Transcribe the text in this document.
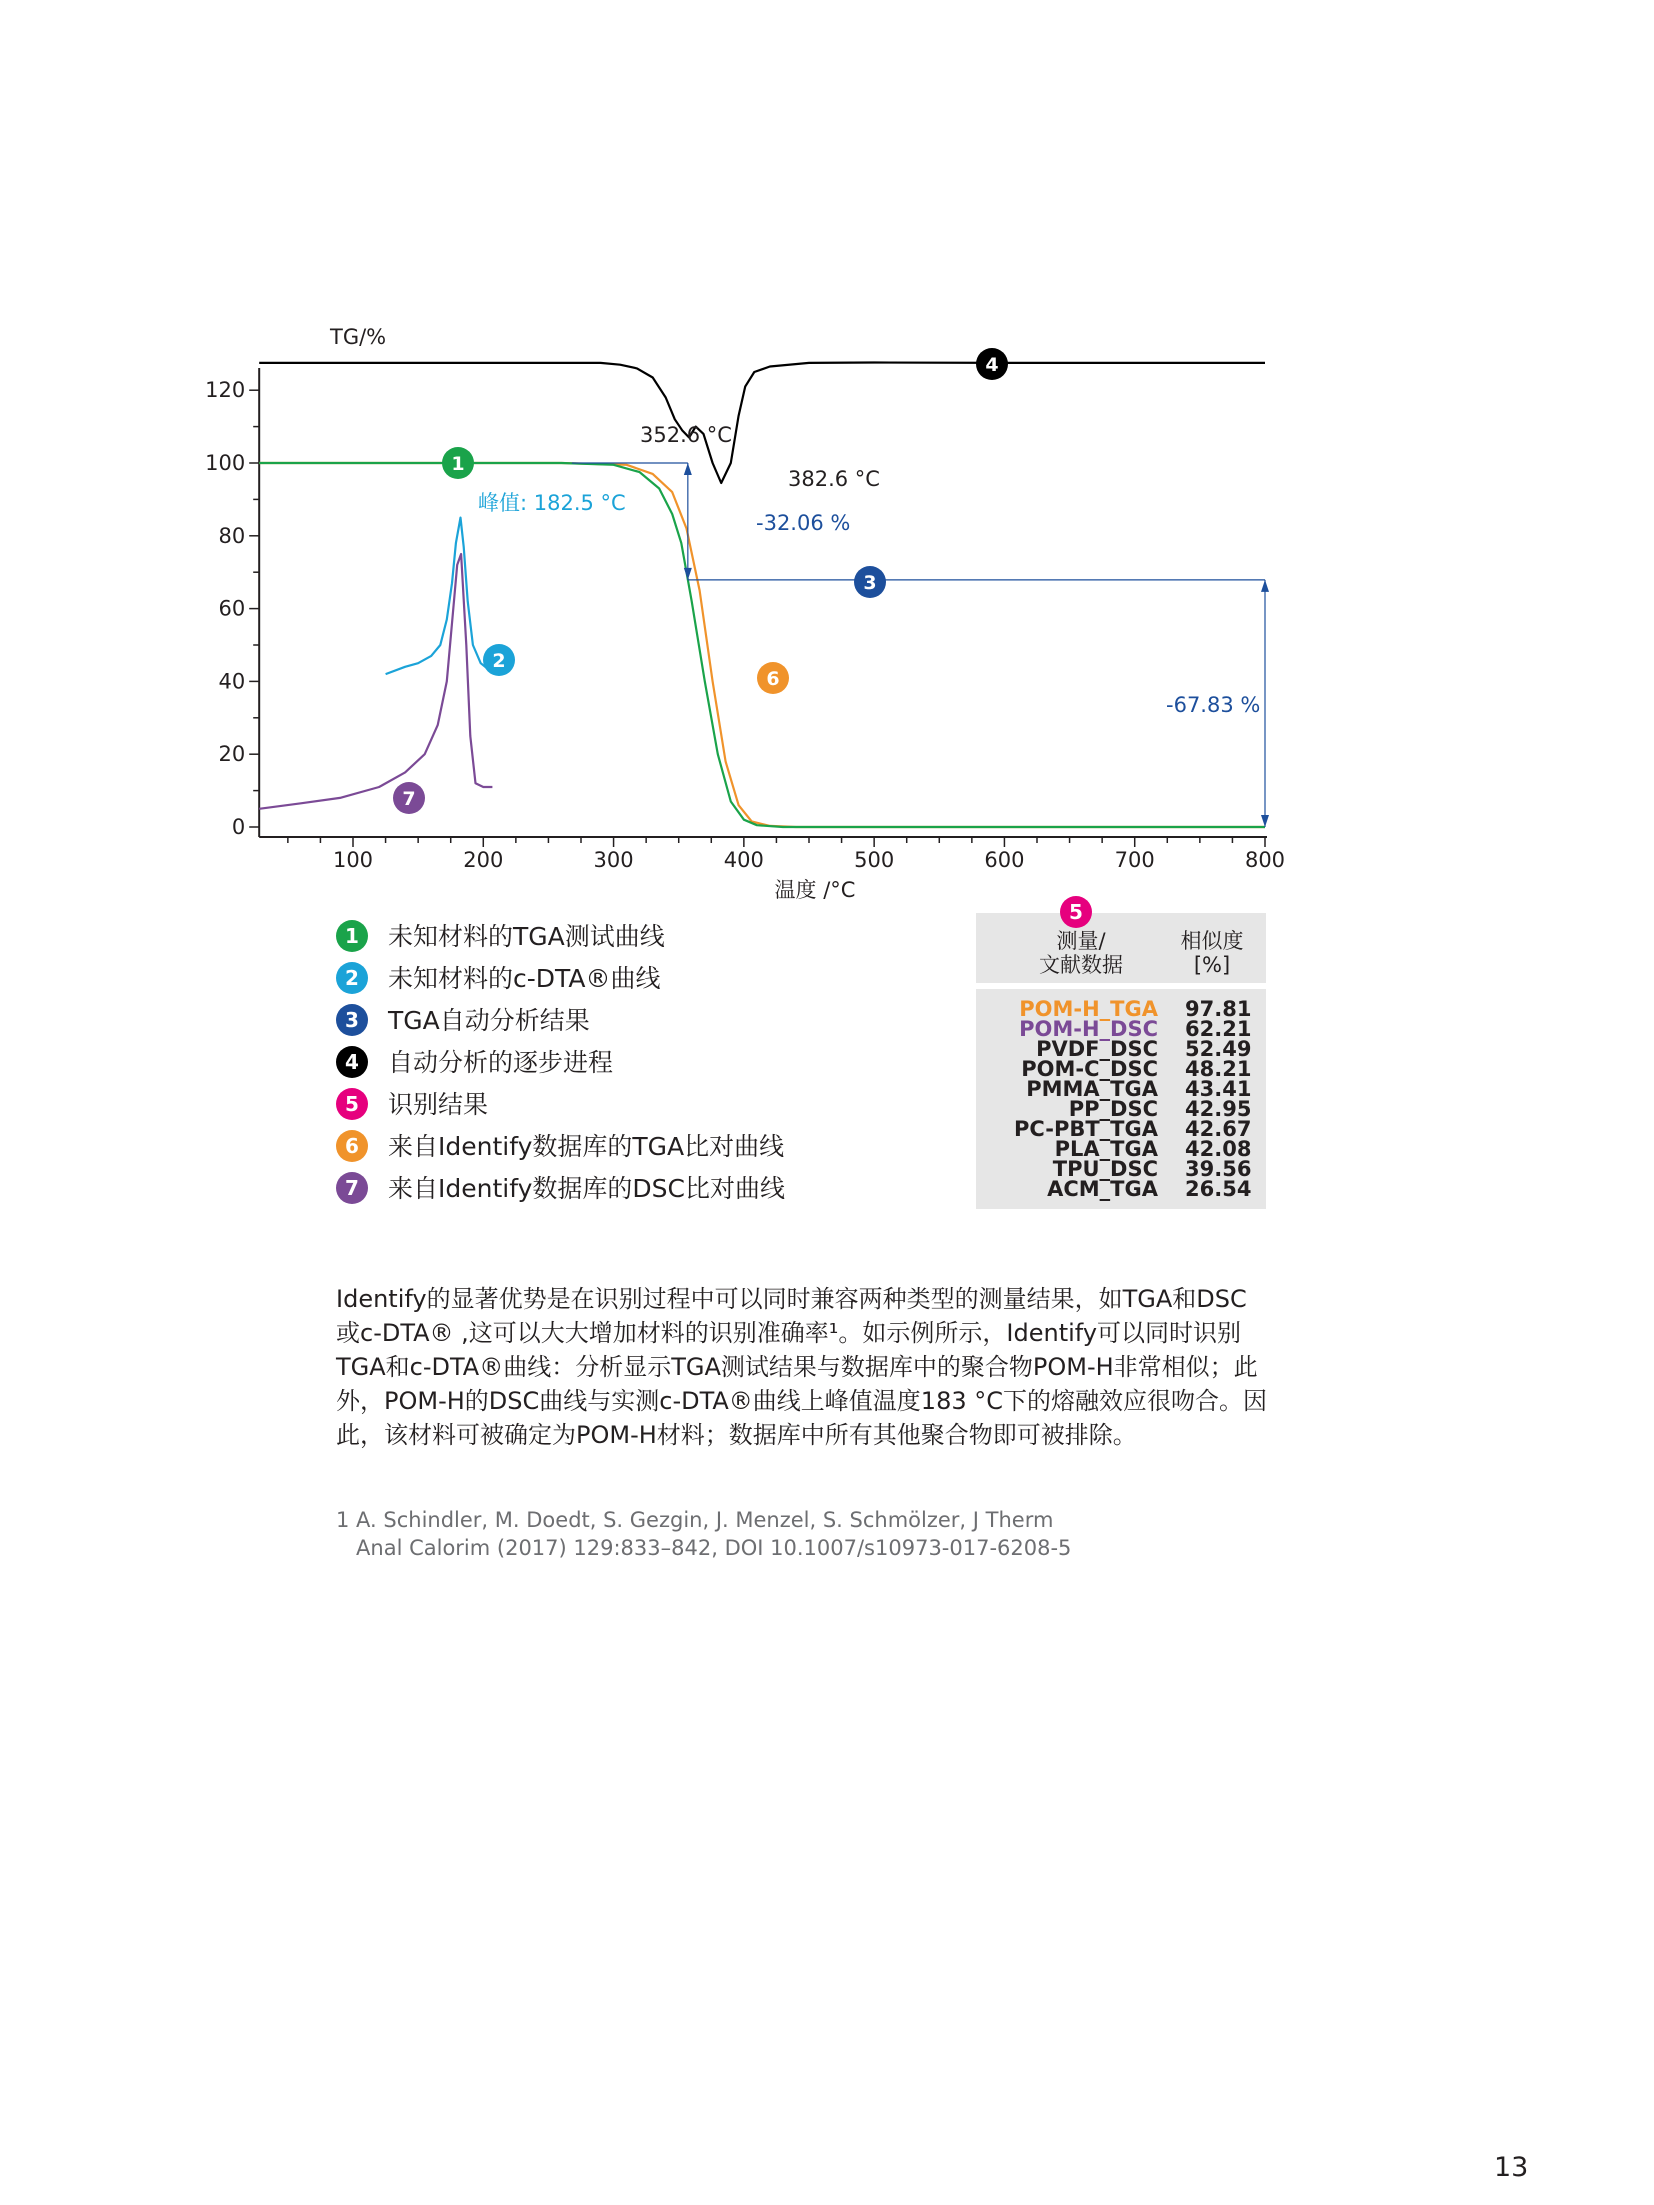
100	200	300	400	500	600	700	800
0
20
40
60
80
100
120
TG/%
温度 /°C
352.6 °C
382.6 °C
峰值: 182.5 °C
-32.06 %
-67.83 %
1
2
3
4
6
7
1	未知材料的TGA测试曲线
2	未知材料的c-DTA®曲线
3	TGA自动分析结果
4	自动分析的逐步进程
5	识别结果
6	来自Identify数据库的TGA比对曲线
7	来自Identify数据库的DSC比对曲线
测量/
文献数据
相似度
[%]
5
POM-H_TGA 97.81
POM-H_DSC 62.21
PVDF_DSC 52.49
POM-C_DSC 48.21
PMMA_TGA 43.41
PP_DSC 42.95
PC-PBT_TGA 42.67
PLA_TGA 42.08
TPU_DSC 39.56
ACM_TGA 26.54
Identify的显著优势是在识别过程中可以同时兼容两种类型的测量结果，如TGA和DSC
或c-DTA® ,这可以大大增加材料的识别准确率¹。如示例所示，Identify可以同时识别
TGA和c-DTA®曲线：分析显示TGA测试结果与数据库中的聚合物POM-H非常相似；此
外，POM-H的DSC曲线与实测c-DTA®曲线上峰值温度183 °C下的熔融效应很吻合。因
此，该材料可被确定为POM-H材料；数据库中所有其他聚合物即可被排除。
1 A. Schindler, M. Doedt, S. Gezgin, J. Menzel, S. Schmölzer, J Therm
Anal Calorim (2017) 129:833–842, DOI 10.1007/s10973-017-6208-5
13
